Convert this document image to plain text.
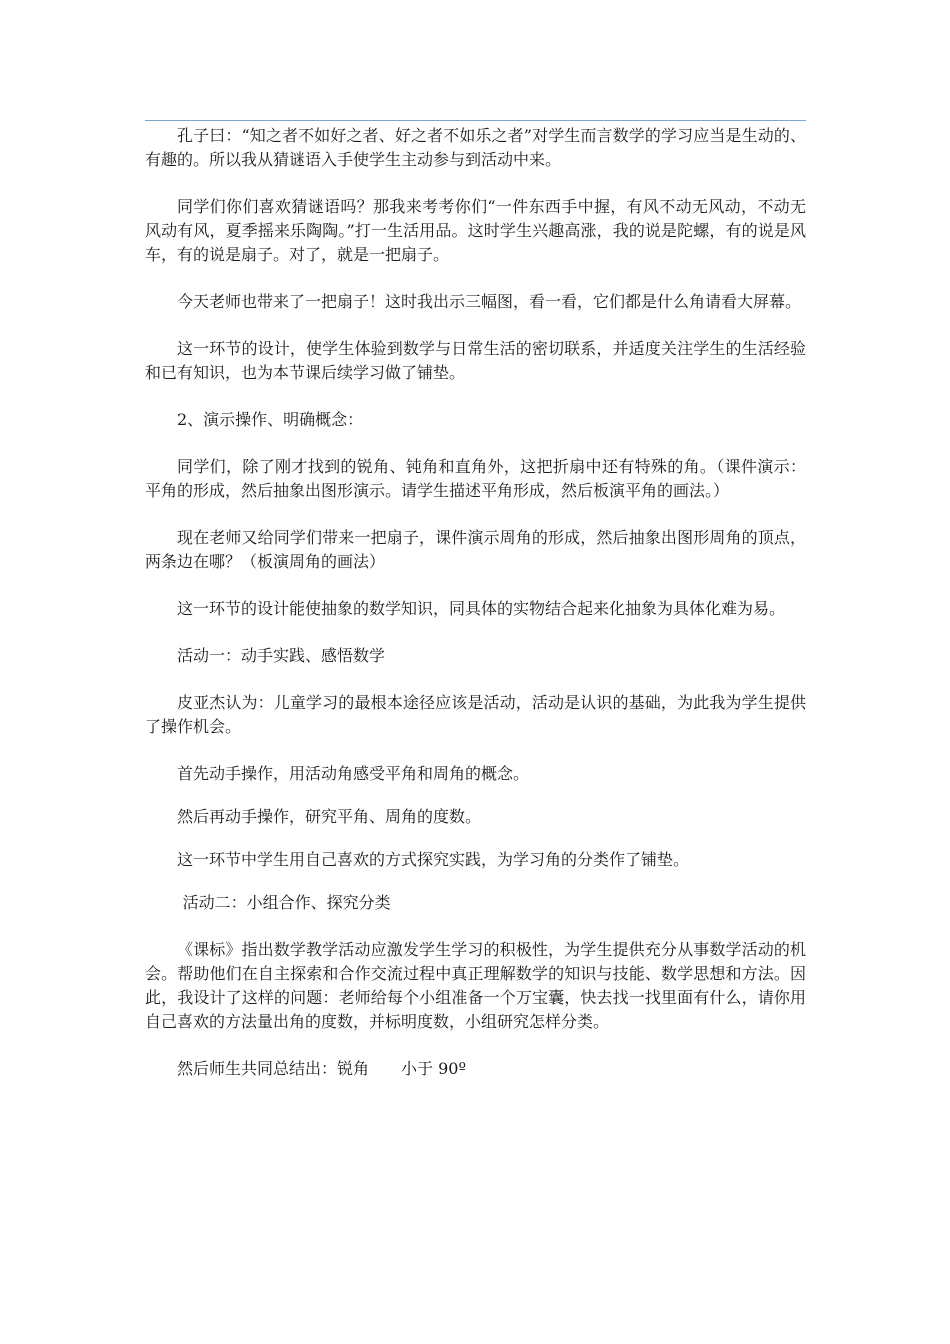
孔子曰：“知之者不如好之者、好之者不如乐之者”对学生而言数学的学习应当是生动的、有趣的。所以我从猜谜语入手使学生主动参与到活动中来。

同学们你们喜欢猜谜语吗？那我来考考你们“一件东西手中握，有风不动无风动，不动无风动有风，夏季摇来乐陶陶。”打一生活用品。这时学生兴趣高涨，我的说是陀螺，有的说是风车，有的说是扇子。对了，就是一把扇子。

今天老师也带来了一把扇子！这时我出示三幅图，看一看，它们都是什么角请看大屏幕。

这一环节的设计，使学生体验到数学与日常生活的密切联系，并适度关注学生的生活经验和已有知识，也为本节课后续学习做了铺垫。

2、演示操作、明确概念：

同学们，除了刚才找到的锐角、钝角和直角外，这把折扇中还有特殊的角。（课件演示：平角的形成，然后抽象出图形演示。请学生描述平角形成，然后板演平角的画法。）

现在老师又给同学们带来一把扇子，课件演示周角的形成，然后抽象出图形周角的顶点，两条边在哪？（板演周角的画法）

这一环节的设计能使抽象的数学知识，同具体的实物结合起来化抽象为具体化难为易。

活动一：动手实践、感悟数学

皮亚杰认为：儿童学习的最根本途径应该是活动，活动是认识的基础，为此我为学生提供了操作机会。

首先动手操作，用活动角感受平角和周角的概念。

然后再动手操作，研究平角、周角的度数。

这一环节中学生用自己喜欢的方式探究实践，为学习角的分类作了铺垫。

活动二：小组合作、探究分类

《课标》指出数学教学活动应激发学生学习的积极性，为学生提供充分从事数学活动的机会。帮助他们在自主探索和合作交流过程中真正理解数学的知识与技能、数学思想和方法。因此，我设计了这样的问题：老师给每个小组准备一个万宝囊，快去找一找里面有什么，请你用自己喜欢的方法量出角的度数，并标明度数，小组研究怎样分类。

然后师生共同总结出：锐角　　小于 90º
